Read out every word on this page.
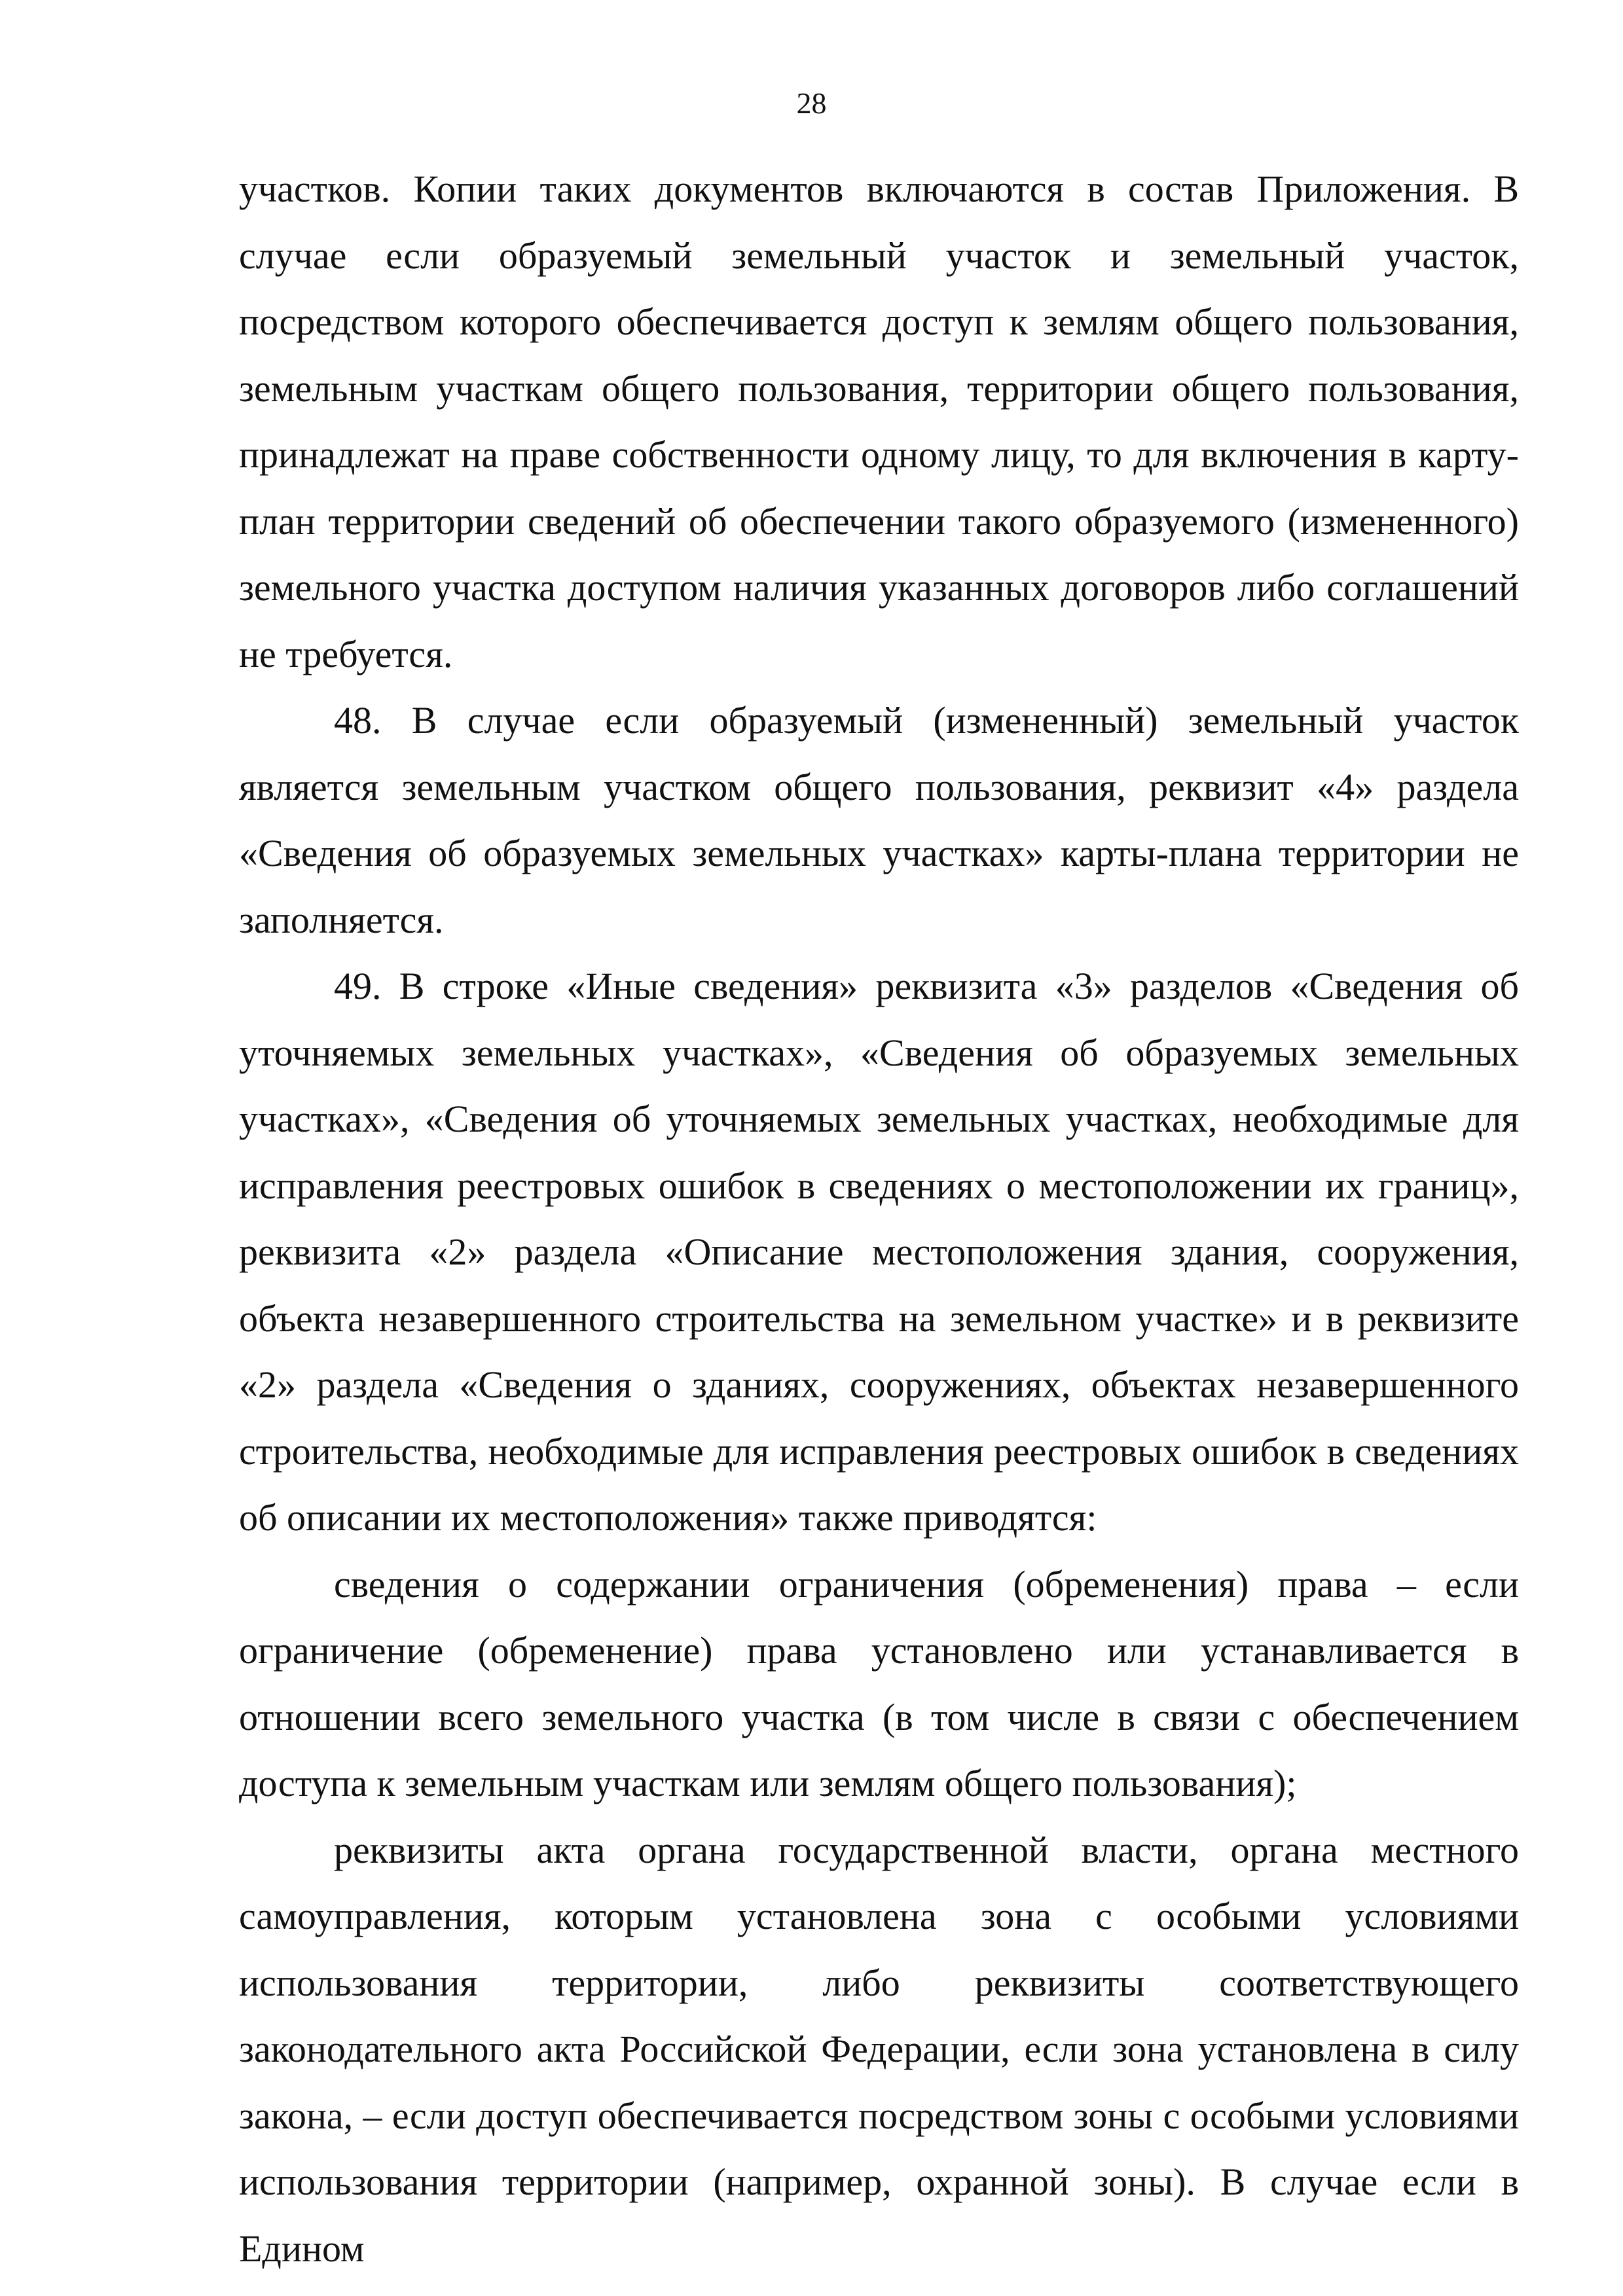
28

участков. Копии таких документов включаются в состав Приложения. В случае если образуемый земельный участок и земельный участок, посредством которого обеспечивается доступ к землям общего пользования, земельным участкам общего пользования, территории общего пользования, принадлежат на праве собственности одному лицу, то для включения в карту-план территории сведений об обеспечении такого образуемого (измененного) земельного участка доступом наличия указанных договоров либо соглашений не требуется.

48. В случае если образуемый (измененный) земельный участок является земельным участком общего пользования, реквизит «4» раздела «Сведения об образуемых земельных участках» карты-плана территории не заполняется.

49. В строке «Иные сведения» реквизита «3» разделов «Сведения об уточняемых земельных участках», «Сведения об образуемых земельных участках», «Сведения об уточняемых земельных участках, необходимые для исправления реестровых ошибок в сведениях о местоположении их границ», реквизита «2» раздела «Описание местоположения здания, сооружения, объекта незавершенного строительства на земельном участке» и в реквизите «2» раздела «Сведения о зданиях, сооружениях, объектах незавершенного строительства, необходимые для исправления реестровых ошибок в сведениях об описании их местоположения» также приводятся:

сведения о содержании ограничения (обременения) права – если ограничение (обременение) права установлено или устанавливается в отношении всего земельного участка (в том числе в связи с обеспечением доступа к земельным участкам или землям общего пользования);

реквизиты акта органа государственной власти, органа местного самоуправления, которым установлена зона с особыми условиями использования территории, либо реквизиты соответствующего законодательного акта Российской Федерации, если зона установлена в силу закона, – если доступ обеспечивается посредством зоны с особыми условиями использования территории (например, охранной зоны). В случае если в Едином
